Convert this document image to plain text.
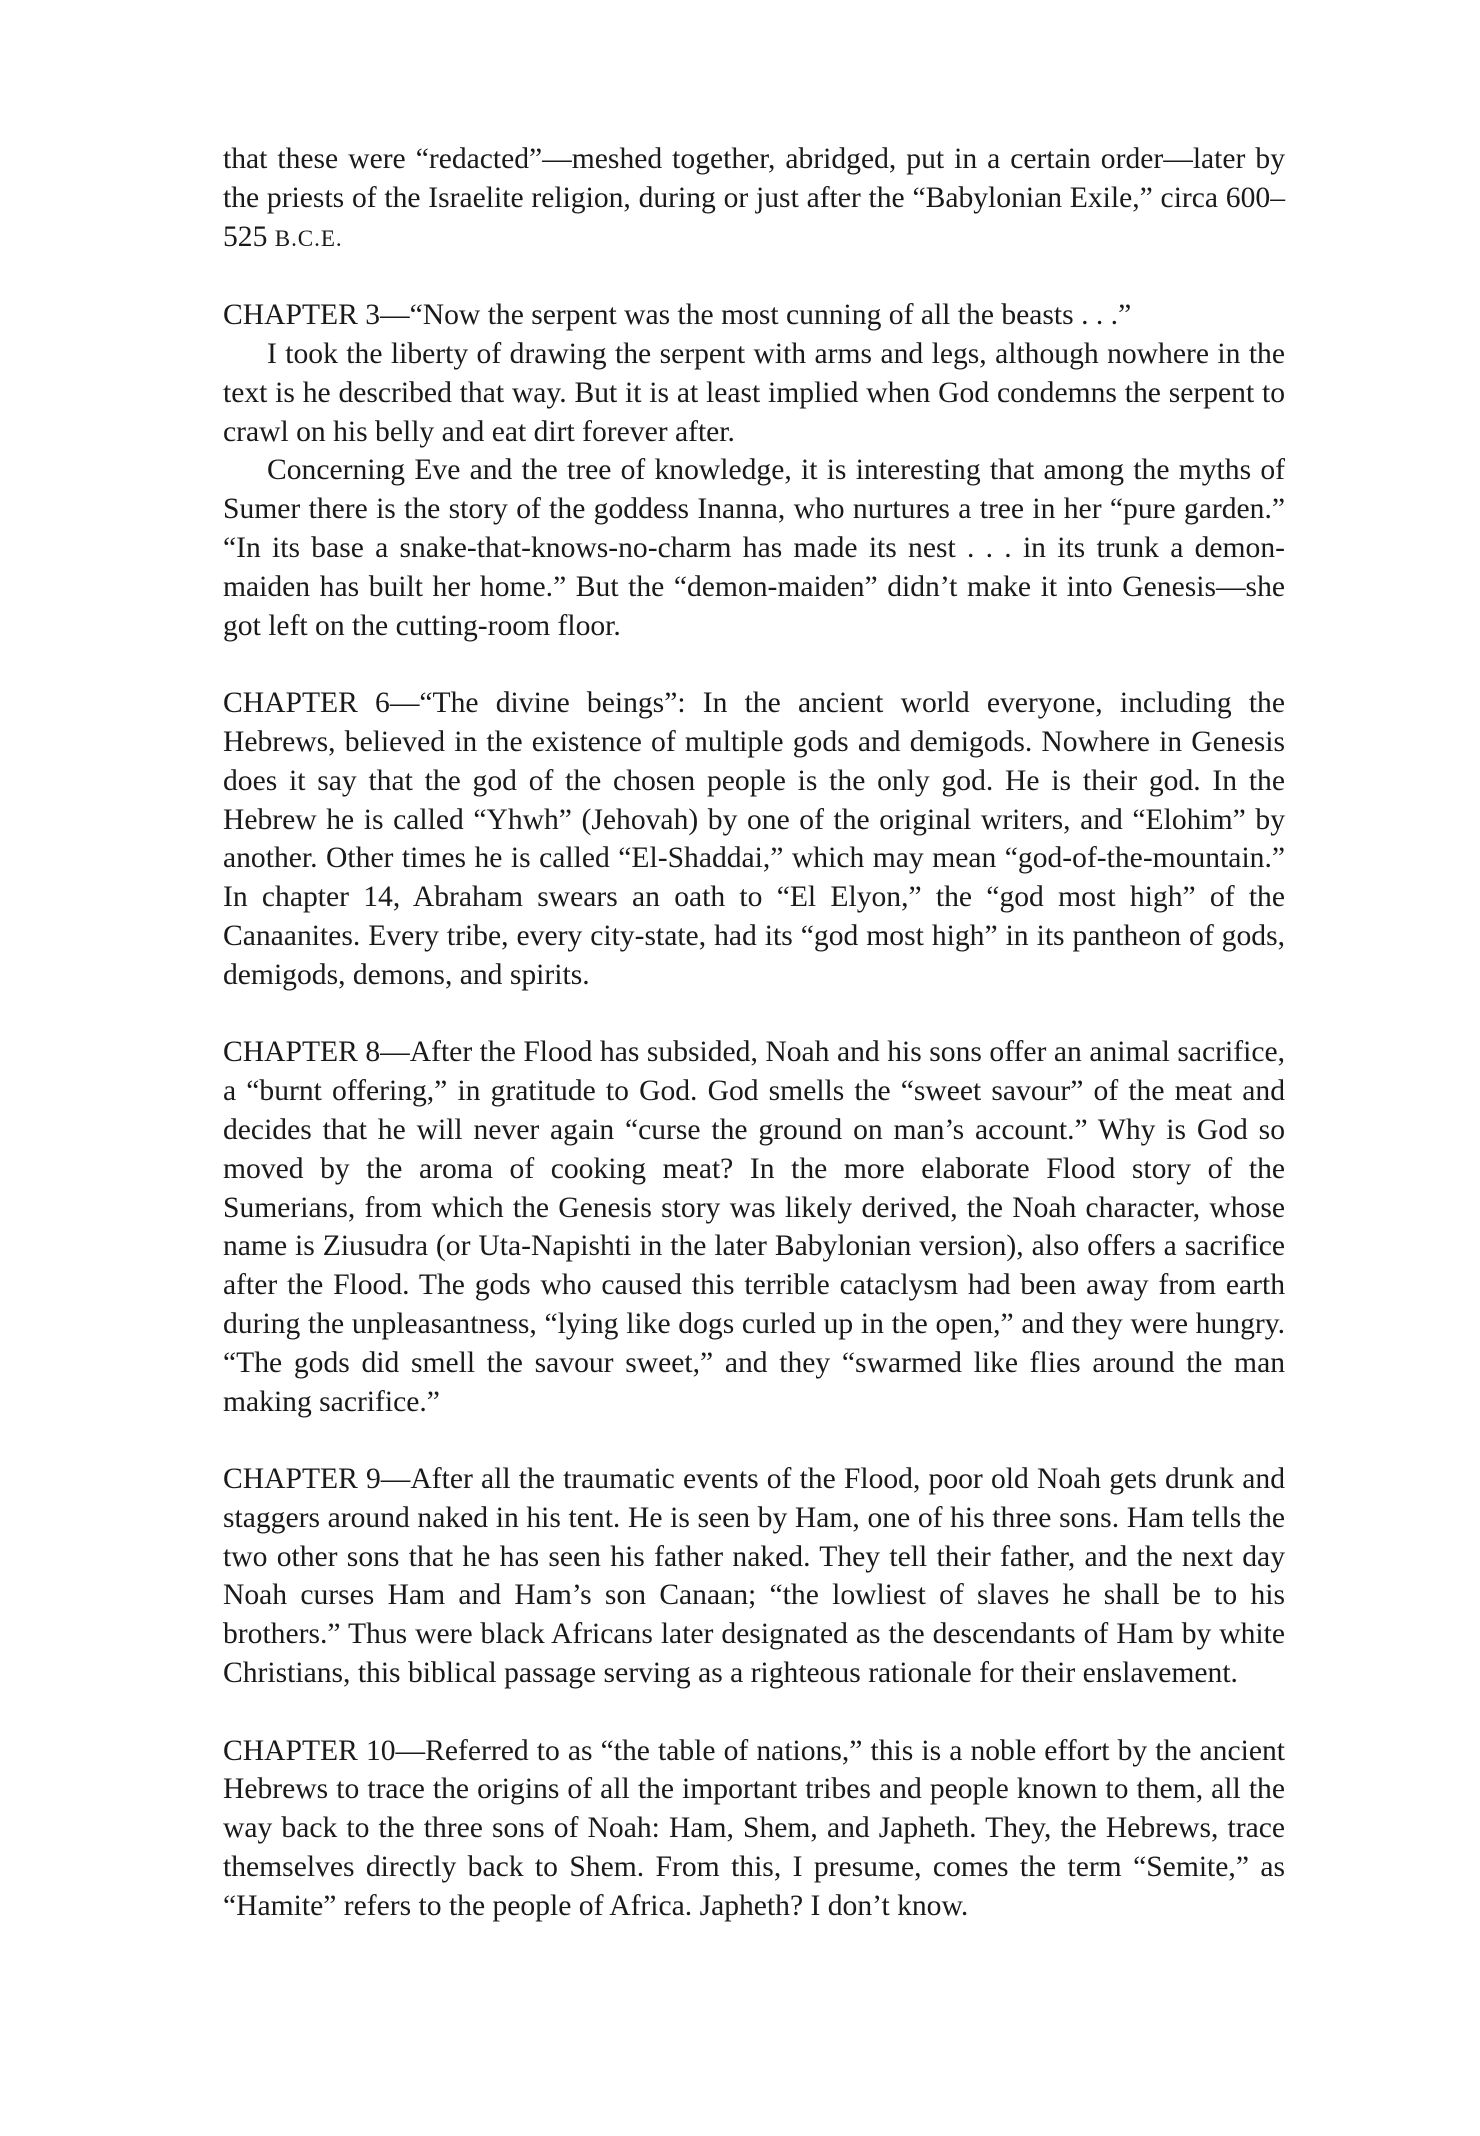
that these were “redacted”—meshed together, abridged, put in a certain order—later by the priests of the Israelite religion, during or just after the “Babylonian Exile,” circa 600–525 B.C.E.

CHAPTER 3—“Now the serpent was the most cunning of all the beasts . . .”

I took the liberty of drawing the serpent with arms and legs, although nowhere in the text is he described that way. But it is at least implied when God condemns the serpent to crawl on his belly and eat dirt forever after.

Concerning Eve and the tree of knowledge, it is interesting that among the myths of Sumer there is the story of the goddess Inanna, who nurtures a tree in her “pure garden.” “In its base a snake-that-knows-no-charm has made its nest . . . in its trunk a demon-maiden has built her home.” But the “demon-maiden” didn’t make it into Genesis—she got left on the cutting-room floor.

CHAPTER 6—“The divine beings”: In the ancient world everyone, including the Hebrews, believed in the existence of multiple gods and demigods. Nowhere in Genesis does it say that the god of the chosen people is the only god. He is their god. In the Hebrew he is called “Yhwh” (Jehovah) by one of the original writers, and “Elohim” by another. Other times he is called “El-Shaddai,” which may mean “god-of-the-mountain.” In chapter 14, Abraham swears an oath to “El Elyon,” the “god most high” of the Canaanites. Every tribe, every city-state, had its “god most high” in its pantheon of gods, demigods, demons, and spirits.

CHAPTER 8—After the Flood has subsided, Noah and his sons offer an animal sacrifice, a “burnt offering,” in gratitude to God. God smells the “sweet savour” of the meat and decides that he will never again “curse the ground on man’s account.” Why is God so moved by the aroma of cooking meat? In the more elaborate Flood story of the Sumerians, from which the Genesis story was likely derived, the Noah character, whose name is Ziusudra (or Uta-Napishti in the later Babylonian version), also offers a sacrifice after the Flood. The gods who caused this terrible cataclysm had been away from earth during the unpleasantness, “lying like dogs curled up in the open,” and they were hungry. “The gods did smell the savour sweet,” and they “swarmed like flies around the man making sacrifice.”

CHAPTER 9—After all the traumatic events of the Flood, poor old Noah gets drunk and staggers around naked in his tent. He is seen by Ham, one of his three sons. Ham tells the two other sons that he has seen his father naked. They tell their father, and the next day Noah curses Ham and Ham’s son Canaan; “the lowliest of slaves he shall be to his brothers.” Thus were black Africans later designated as the descendants of Ham by white Christians, this biblical passage serving as a righteous rationale for their enslavement.

CHAPTER 10—Referred to as “the table of nations,” this is a noble effort by the ancient Hebrews to trace the origins of all the important tribes and people known to them, all the way back to the three sons of Noah: Ham, Shem, and Japheth. They, the Hebrews, trace themselves directly back to Shem. From this, I presume, comes the term “Semite,” as “Hamite” refers to the people of Africa. Japheth? I don’t know.
